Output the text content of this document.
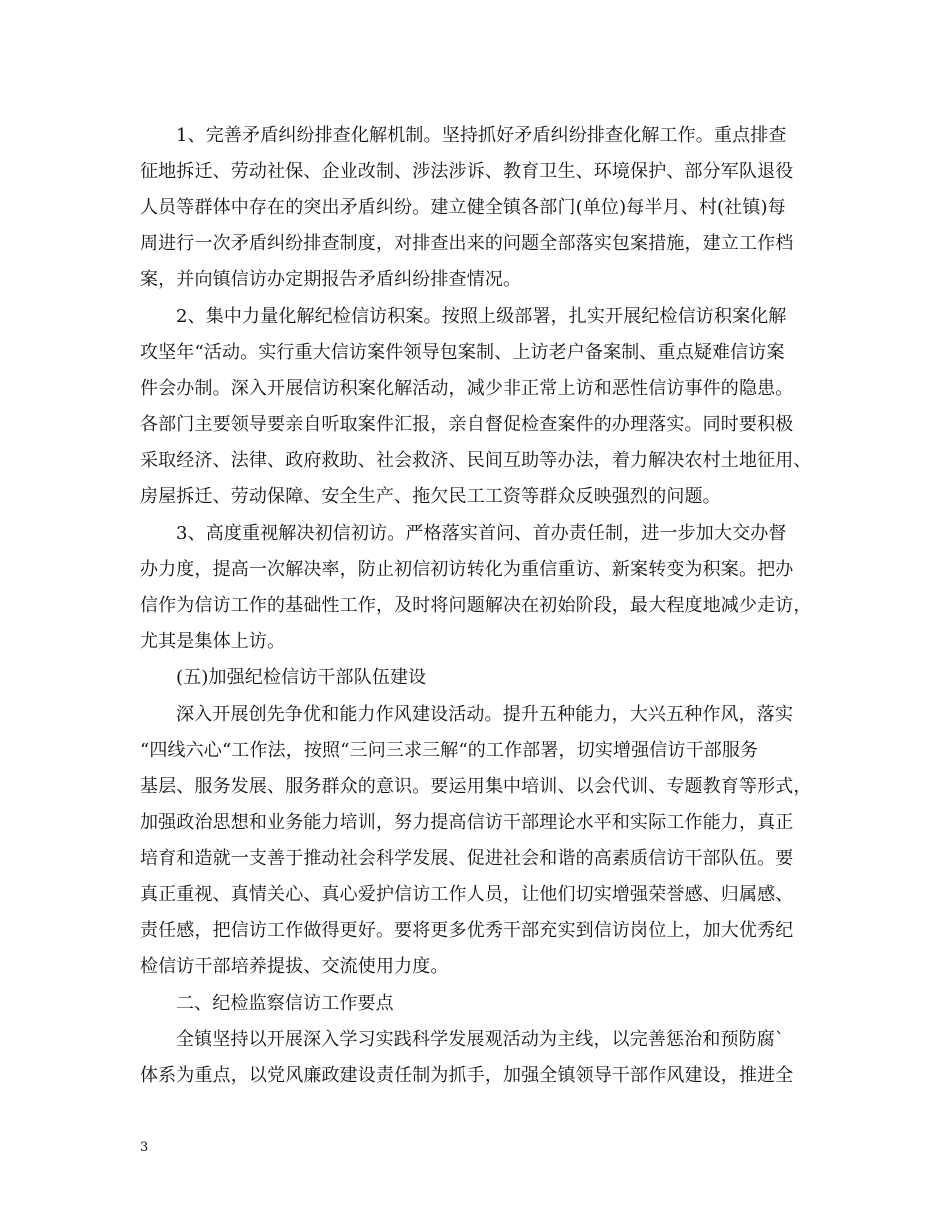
1、完善矛盾纠纷排查化解机制。坚持抓好矛盾纠纷排查化解工作。重点排查
征地拆迁、劳动社保、企业改制、涉法涉诉、教育卫生、环境保护、部分军队退役
人员等群体中存在的突出矛盾纠纷。建立健全镇各部门(单位)每半月、村(社镇)每
周进行一次矛盾纠纷排查制度，对排查出来的问题全部落实包案措施，建立工作档
案，并向镇信访办定期报告矛盾纠纷排查情况。
2、集中力量化解纪检信访积案。按照上级部署，扎实开展纪检信访积案化解
攻坚年“活动。实行重大信访案件领导包案制、上访老户备案制、重点疑难信访案
件会办制。深入开展信访积案化解活动，减少非正常上访和恶性信访事件的隐患。
各部门主要领导要亲自听取案件汇报，亲自督促检查案件的办理落实。同时要积极
采取经济、法律、政府救助、社会救济、民间互助等办法，着力解决农村土地征用、
房屋拆迁、劳动保障、安全生产、拖欠民工工资等群众反映强烈的问题。
3、高度重视解决初信初访。严格落实首问、首办责任制，进一步加大交办督
办力度，提高一次解决率，防止初信初访转化为重信重访、新案转变为积案。把办
信作为信访工作的基础性工作，及时将问题解决在初始阶段，最大程度地减少走访，
尤其是集体上访。
(五)加强纪检信访干部队伍建设
深入开展创先争优和能力作风建设活动。提升五种能力，大兴五种作风，落实
“四线六心“工作法，按照“三问三求三解“的工作部署，切实增强信访干部服务
基层、服务发展、服务群众的意识。要运用集中培训、以会代训、专题教育等形式，
加强政治思想和业务能力培训，努力提高信访干部理论水平和实际工作能力，真正
培育和造就一支善于推动社会科学发展、促进社会和谐的高素质信访干部队伍。要
真正重视、真情关心、真心爱护信访工作人员，让他们切实增强荣誉感、归属感、
责任感，把信访工作做得更好。要将更多优秀干部充实到信访岗位上，加大优秀纪
检信访干部培养提拔、交流使用力度。
二、纪检监察信访工作要点
全镇坚持以开展深入学习实践科学发展观活动为主线，以完善惩治和预防腐`
体系为重点，以党风廉政建设责任制为抓手，加强全镇领导干部作风建设，推进全
3
